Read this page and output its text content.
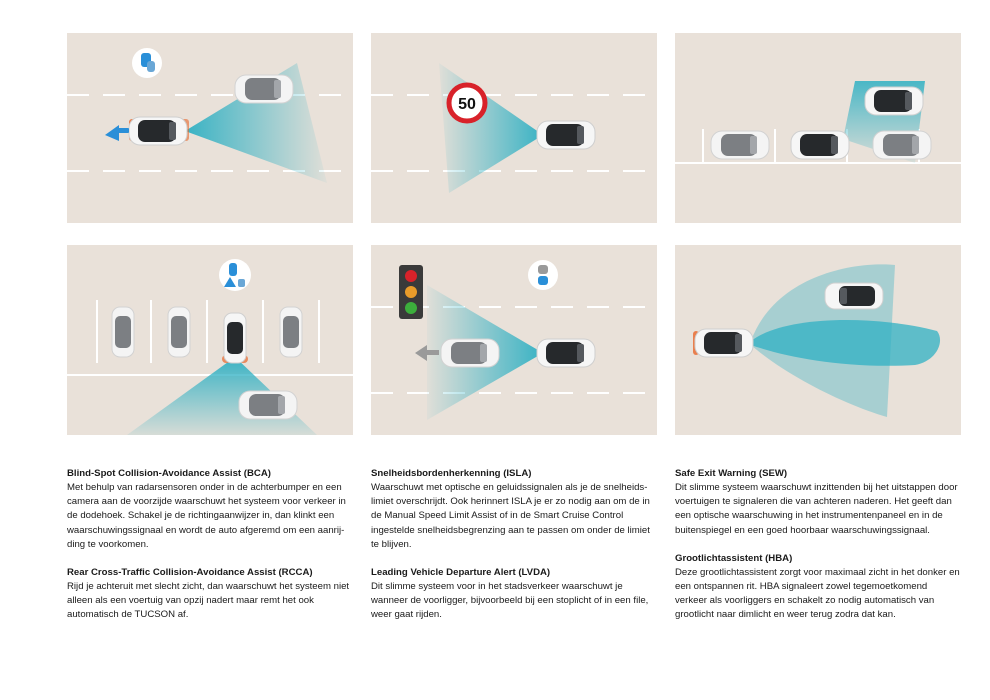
50
Blind-Spot Collision-Avoidance Assist (BCA)

Met behulp van radarsensoren onder in de achterbumper en een camera aan de voorzijde waarschuwt het systeem voor verkeer in de dodehoek. Schakel je de richtingaanwijzer in, dan klinkt een waarschuwingssignaal en wordt de auto afgeremd om een aanrijding te voorkomen.

Rear Cross-Traffic Collision-Avoidance Assist (RCCA)

Rijd je achteruit met slecht zicht, dan waarschuwt het systeem niet alleen als een voertuig van opzij nadert maar remt het ook automatisch de TUCSON af.

Snelheidsbordenherkenning (ISLA)

Waarschuwt met optische en geluidssignalen als je de snelheidslimiet overschrijdt. Ook herinnert ISLA je er zo nodig aan om de in de Manual Speed Limit Assist of in de Smart Cruise Control ingestelde snelheidsbegrenzing aan te passen om onder de limiet te blijven.

Leading Vehicle Departure Alert (LVDA)

Dit slimme systeem voor in het stadsverkeer waarschuwt je wanneer de voorligger, bijvoorbeeld bij een stoplicht of in een file, weer gaat rijden.

Safe Exit Warning (SEW)

Dit slimme systeem waarschuwt inzittenden bij het uitstappen door voertuigen te signaleren die van achteren naderen. Het geeft dan een optische waarschuwing in het instrumentenpaneel en in de buitenspiegel en een goed hoorbaar waarschuwingssignaal.

Grootlichtassistent (HBA)

Deze grootlichtassistent zorgt voor maximaal zicht in het donker en een ontspannen rit. HBA signaleert zowel tegemoetkomend verkeer als voorliggers en schakelt zo nodig automatisch van grootlicht naar dimlicht en weer terug zodra dat kan.
